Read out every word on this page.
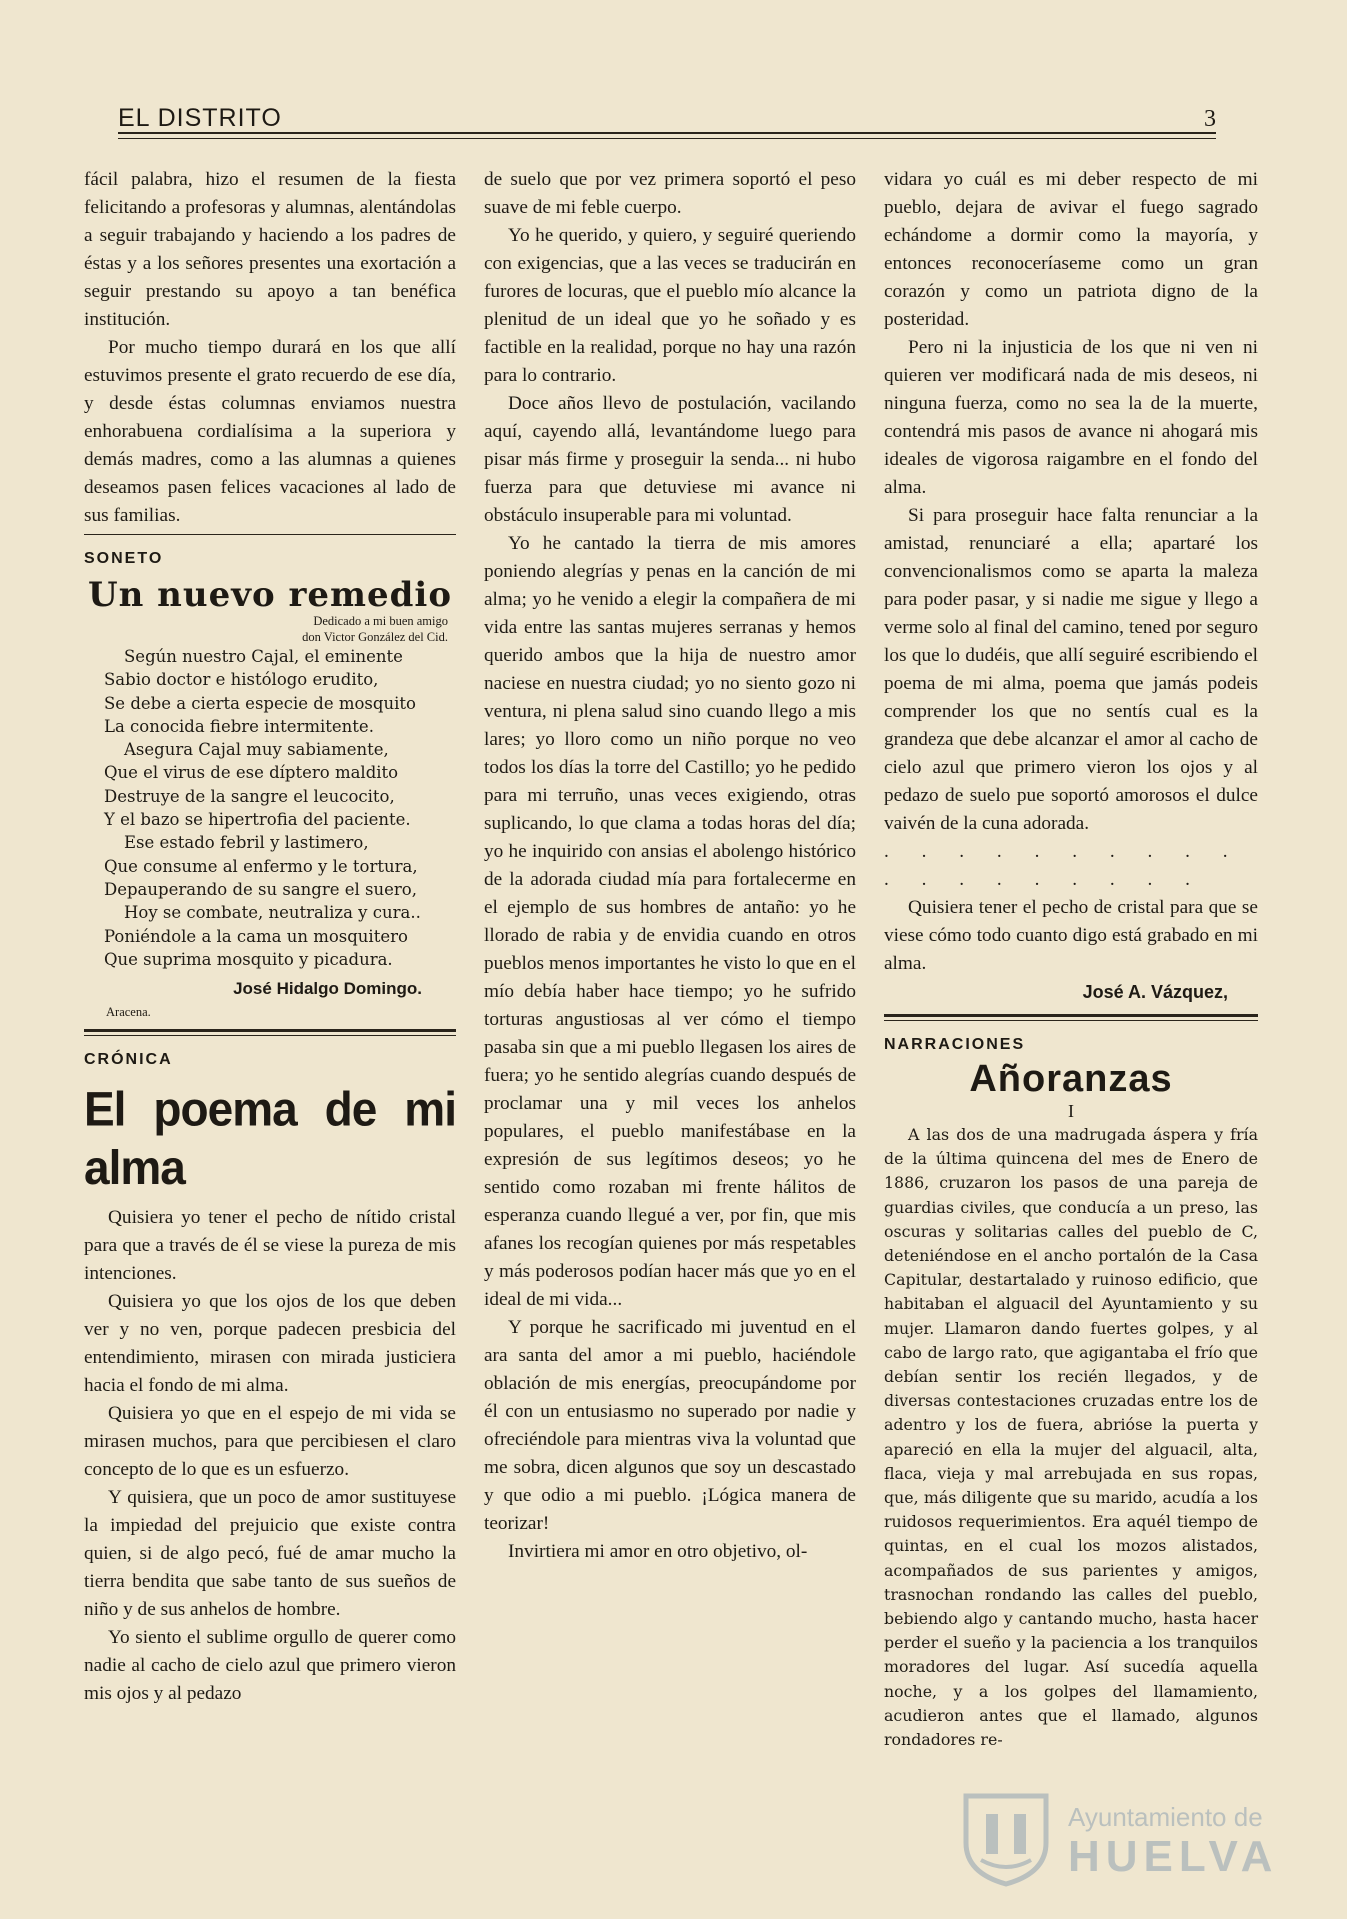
EL DISTRITO	3

fácil palabra, hizo el resumen de la fiesta felicitando a profesoras y alumnas, alentándolas a seguir trabajando y haciendo a los padres de éstas y a los señores presentes una exortación a seguir prestando su apoyo a tan benéfica institución.

Por mucho tiempo durará en los que allí estuvimos presente el grato recuerdo de ese día, y desde éstas columnas enviamos nuestra enhorabuena cordialísima a la superiora y demás madres, como a las alumnas a quienes deseamos pasen felices vacaciones al lado de sus familias.

SONETO
Un nuevo remedio
Dedicado a mi buen amigo
don Victor González del Cid.
Según nuestro Cajal, el eminente
Sabio doctor e histólogo erudito,
Se debe a cierta especie de mosquito
La conocida fiebre intermitente.
Asegura Cajal muy sabiamente,
Que el virus de ese díptero maldito
Destruye de la sangre el leucocito,
Y el bazo se hipertrofia del paciente.
Ese estado febril y lastimero,
Que consume al enfermo y le tortura,
Depauperando de su sangre el suero,
Hoy se combate, neutraliza y cura..
Poniéndole a la cama un mosquitero
Que suprima mosquito y picadura.
José Hidalgo Domingo.
Aracena.
CRÓNICA
El poema de mi alma

Quisiera yo tener el pecho de nítido cristal para que a través de él se viese la pureza de mis intenciones.

Quisiera yo que los ojos de los que deben ver y no ven, porque padecen presbicia del entendimiento, mirasen con mirada justiciera hacia el fondo de mi alma.

Quisiera yo que en el espejo de mi vida se mirasen muchos, para que percibiesen el claro concepto de lo que es un esfuerzo.

Y quisiera, que un poco de amor sustituyese la impiedad del prejuicio que existe contra quien, si de algo pecó, fué de amar mucho la tierra bendita que sabe tanto de sus sueños de niño y de sus anhelos de hombre.

Yo siento el sublime orgullo de querer como nadie al cacho de cielo azul que primero vieron mis ojos y al pedazo

de suelo que por vez primera soportó el peso suave de mi feble cuerpo.

Yo he querido, y quiero, y seguiré queriendo con exigencias, que a las veces se traducirán en furores de locuras, que el pueblo mío alcance la plenitud de un ideal que yo he soñado y es factible en la realidad, porque no hay una razón para lo contrario.

Doce años llevo de postulación, vacilando aquí, cayendo allá, levantándome luego para pisar más firme y proseguir la senda... ni hubo fuerza para que detuviese mi avance ni obstáculo insuperable para mi voluntad.

Yo he cantado la tierra de mis amores poniendo alegrías y penas en la canción de mi alma; yo he venido a elegir la compañera de mi vida entre las santas mujeres serranas y hemos querido ambos que la hija de nuestro amor naciese en nuestra ciudad; yo no siento gozo ni ventura, ni plena salud sino cuando llego a mis lares; yo lloro como un niño porque no veo todos los días la torre del Castillo; yo he pedido para mi terruño, unas veces exigiendo, otras suplicando, lo que clama a todas horas del día; yo he inquirido con ansias el abolengo histórico de la adorada ciudad mía para fortalecerme en el ejemplo de sus hombres de antaño: yo he llorado de rabia y de envidia cuando en otros pueblos menos importantes he visto lo que en el mío debía haber hace tiempo; yo he sufrido torturas angustiosas al ver cómo el tiempo pasaba sin que a mi pueblo llegasen los aires de fuera; yo he sentido alegrías cuando después de proclamar una y mil veces los anhelos populares, el pueblo manifestábase en la expresión de sus legítimos deseos; yo he sentido como rozaban mi frente hálitos de esperanza cuando llegué a ver, por fin, que mis afanes los recogían quienes por más respetables y más poderosos podían hacer más que yo en el ideal de mi vida...

Y porque he sacrificado mi juventud en el ara santa del amor a mi pueblo, haciéndole oblación de mis energías, preocupándome por él con un entusiasmo no superado por nadie y ofreciéndole para mientras viva la voluntad que me sobra, dicen algunos que soy un descastado y que odio a mi pueblo. ¡Lógica manera de teorizar!

Invirtiera mi amor en otro objetivo, ol-

vidara yo cuál es mi deber respecto de mi pueblo, dejara de avivar el fuego sagrado echándome a dormir como la mayoría, y entonces reconoceríaseme como un gran corazón y como un patriota digno de la posteridad.

Pero ni la injusticia de los que ni ven ni quieren ver modificará nada de mis deseos, ni ninguna fuerza, como no sea la de la muerte, contendrá mis pasos de avance ni ahogará mis ideales de vigorosa raigambre en el fondo del alma.

Si para proseguir hace falta renunciar a la amistad, renunciaré a ella; apartaré los convencionalismos como se aparta la maleza para poder pasar, y si nadie me sigue y llego a verme solo al final del camino, tened por seguro los que lo dudéis, que allí seguiré escribiendo el poema de mi alma, poema que jamás podeis comprender los que no sentís cual es la grandeza que debe alcanzar el amor al cacho de cielo azul que primero vieron los ojos y al pedazo de suelo pue soportó amorosos el dulce vaivén de la cuna adorada.

. . . . . . . . . . . . . . . . . . .

Quisiera tener el pecho de cristal para que se viese cómo todo cuanto digo está grabado en mi alma.

José A. Vázquez,
NARRACIONES
Añoranzas
I

A las dos de una madrugada áspera y fría de la última quincena del mes de Enero de 1886, cruzaron los pasos de una pareja de guardias civiles, que conducía a un preso, las oscuras y solitarias calles del pueblo de C, deteniéndose en el ancho portalón de la Casa Capitular, destartalado y ruinoso edificio, que habitaban el alguacil del Ayuntamiento y su mujer. Llamaron dando fuertes golpes, y al cabo de largo rato, que agigantaba el frío que debían sentir los recién llegados, y de diversas contestaciones cruzadas entre los de adentro y los de fuera, abrióse la puerta y apareció en ella la mujer del alguacil, alta, flaca, vieja y mal arrebujada en sus ropas, que, más diligente que su marido, acudía a los ruidosos requerimientos. Era aquél tiempo de quintas, en el cual los mozos alistados, acompañados de sus parientes y amigos, trasnochan rondando las calles del pueblo, bebiendo algo y cantando mucho, hasta hacer perder el sueño y la paciencia a los tranquilos moradores del lugar. Así sucedía aquella noche, y a los golpes del llamamiento, acudieron antes que el llamado, algunos rondadores re-

Ayuntamiento de
HUELVA
